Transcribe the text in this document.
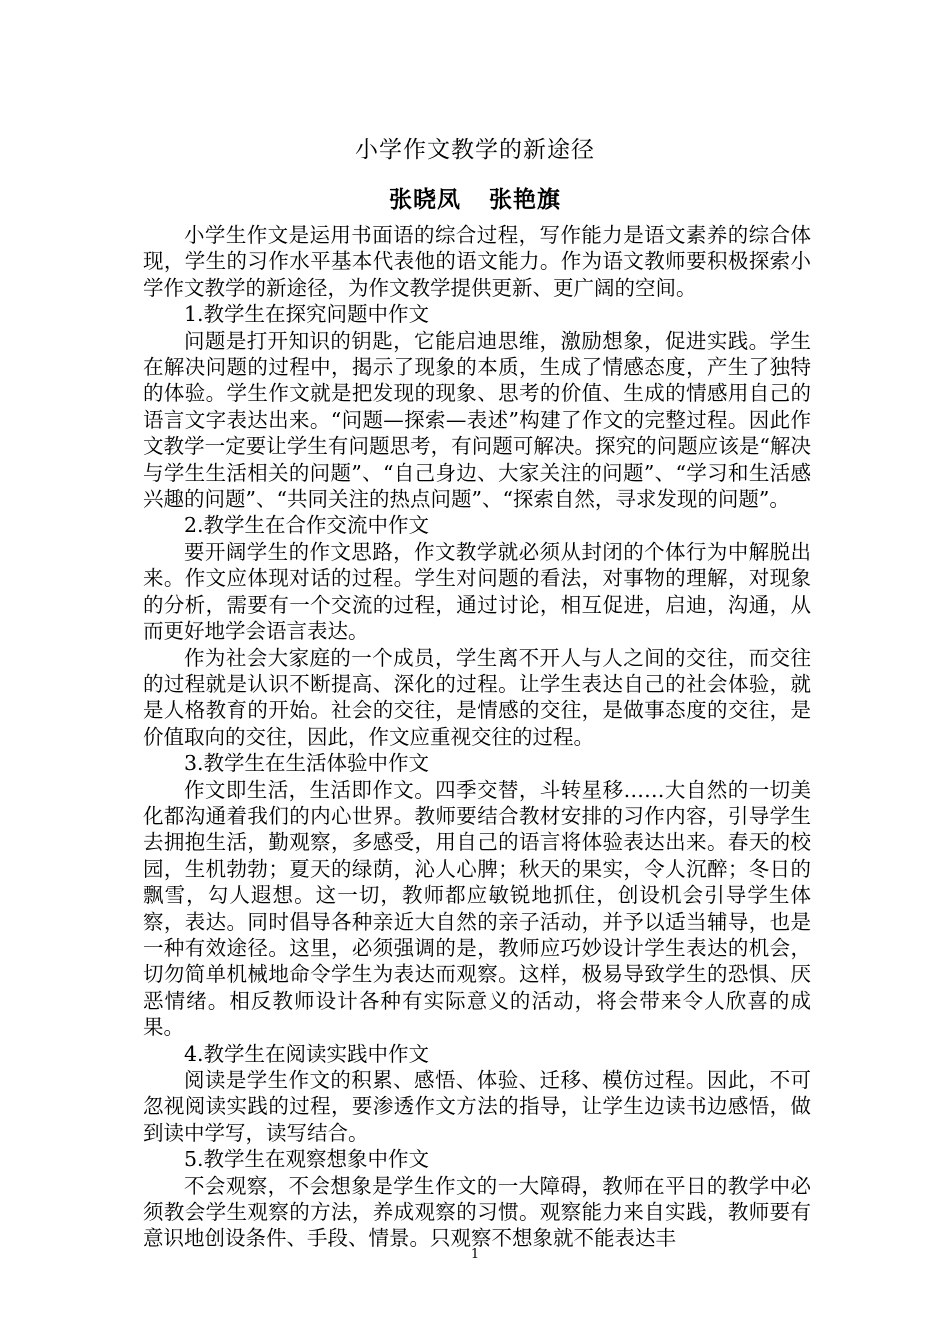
小学作文教学的新途径
张晓凤 张艳旗

小学生作文是运用书面语的综合过程，写作能力是语文素养的综合体现，学生的习作水平基本代表他的语文能力。作为语文教师要积极探索小学作文教学的新途径，为作文教学提供更新、更广阔的空间。

1.教学生在探究问题中作文

问题是打开知识的钥匙，它能启迪思维，激励想象，促进实践。学生在解决问题的过程中，揭示了现象的本质，生成了情感态度，产生了独特的体验。学生作文就是把发现的现象、思考的价值、生成的情感用自己的语言文字表达出来。“问题—探索—表述”构建了作文的完整过程。因此作文教学一定要让学生有问题思考，有问题可解决。探究的问题应该是“解决与学生生活相关的问题”、“自己身边、大家关注的问题”、“学习和生活感兴趣的问题”、“共同关注的热点问题”、“探索自然，寻求发现的问题”。

2.教学生在合作交流中作文

要开阔学生的作文思路，作文教学就必须从封闭的个体行为中解脱出来。作文应体现对话的过程。学生对问题的看法，对事物的理解，对现象的分析，需要有一个交流的过程，通过讨论，相互促进，启迪，沟通，从而更好地学会语言表达。

作为社会大家庭的一个成员，学生离不开人与人之间的交往，而交往的过程就是认识不断提高、深化的过程。让学生表达自己的社会体验，就是人格教育的开始。社会的交往，是情感的交往，是做事态度的交往，是价值取向的交往，因此，作文应重视交往的过程。

3.教学生在生活体验中作文

作文即生活，生活即作文。四季交替，斗转星移……大自然的一切美化都沟通着我们的内心世界。教师要结合教材安排的习作内容，引导学生去拥抱生活，勤观察，多感受，用自己的语言将体验表达出来。春天的校园，生机勃勃；夏天的绿荫，沁人心脾；秋天的果实，令人沉醉；冬日的飘雪，勾人遐想。这一切，教师都应敏锐地抓住，创设机会引导学生体察，表达。同时倡导各种亲近大自然的亲子活动，并予以适当辅导，也是一种有效途径。这里，必须强调的是，教师应巧妙设计学生表达的机会，切勿简单机械地命令学生为表达而观察。这样，极易导致学生的恐惧、厌恶情绪。相反教师设计各种有实际意义的活动，将会带来令人欣喜的成果。

4.教学生在阅读实践中作文

阅读是学生作文的积累、感悟、体验、迁移、模仿过程。因此，不可忽视阅读实践的过程，要渗透作文方法的指导，让学生边读书边感悟，做到读中学写，读写结合。

5.教学生在观察想象中作文

不会观察，不会想象是学生作文的一大障碍，教师在平日的教学中必须教会学生观察的方法，养成观察的习惯。观察能力来自实践，教师要有意识地创设条件、手段、情景。只观察不想象就不能表达丰

1
